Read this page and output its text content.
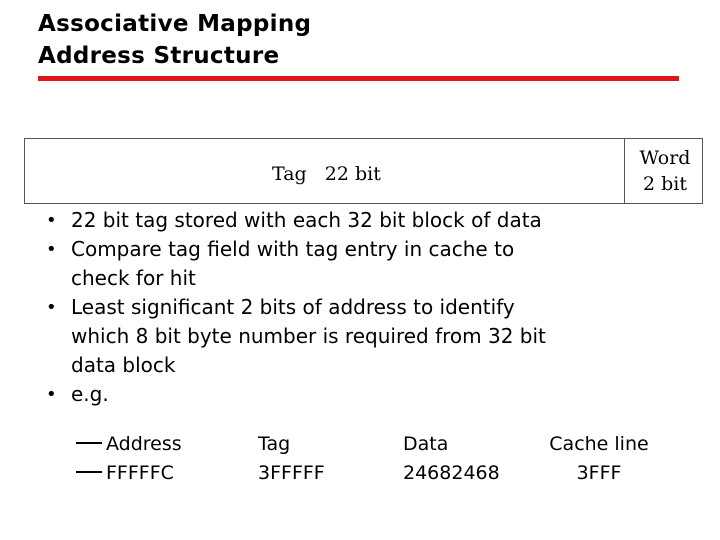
Associative Mapping
Address Structure
Tag   22 bit
Word
2 bit
• 22 bit tag stored with each 32 bit block of data
• Compare tag field with tag entry in cache to
check for hit
• Least significant 2 bits of address to identify
which 8 bit byte number is required from 32 bit
data block
• e.g.
Address
FFFFFC
Tag
3FFFFF
Data
24682468
Cache line
3FFF
